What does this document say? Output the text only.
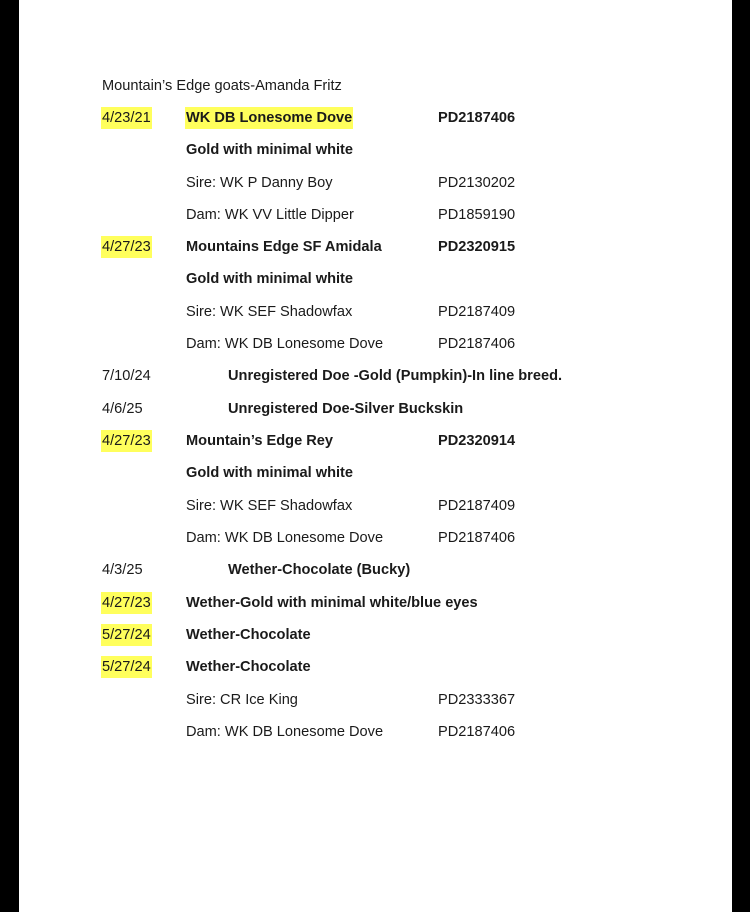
Mountain’s Edge goats-Amanda Fritz
4/23/21 WK DB Lonesome Dove	PD2187406
Gold with minimal white
Sire: WK P Danny Boy	PD2130202
Dam: WK VV Little Dipper	PD1859190
4/27/23 Mountains Edge SF Amidala	PD2320915
Gold with minimal white
Sire: WK SEF Shadowfax	PD2187409
Dam: WK DB Lonesome Dove	PD2187406
7/10/24	Unregistered Doe -Gold (Pumpkin)-In line breed.
4/6/25	Unregistered Doe-Silver Buckskin
4/27/23 Mountain’s Edge Rey	PD2320914
Gold with minimal white
Sire: WK SEF Shadowfax	PD2187409
Dam: WK DB Lonesome Dove	PD2187406
4/3/25	Wether-Chocolate (Bucky)
4/27/23 Wether-Gold with minimal white/blue eyes
5/27/24 Wether-Chocolate
5/27/24 Wether-Chocolate
Sire: CR Ice King	PD2333367
Dam: WK DB Lonesome Dove	PD2187406
